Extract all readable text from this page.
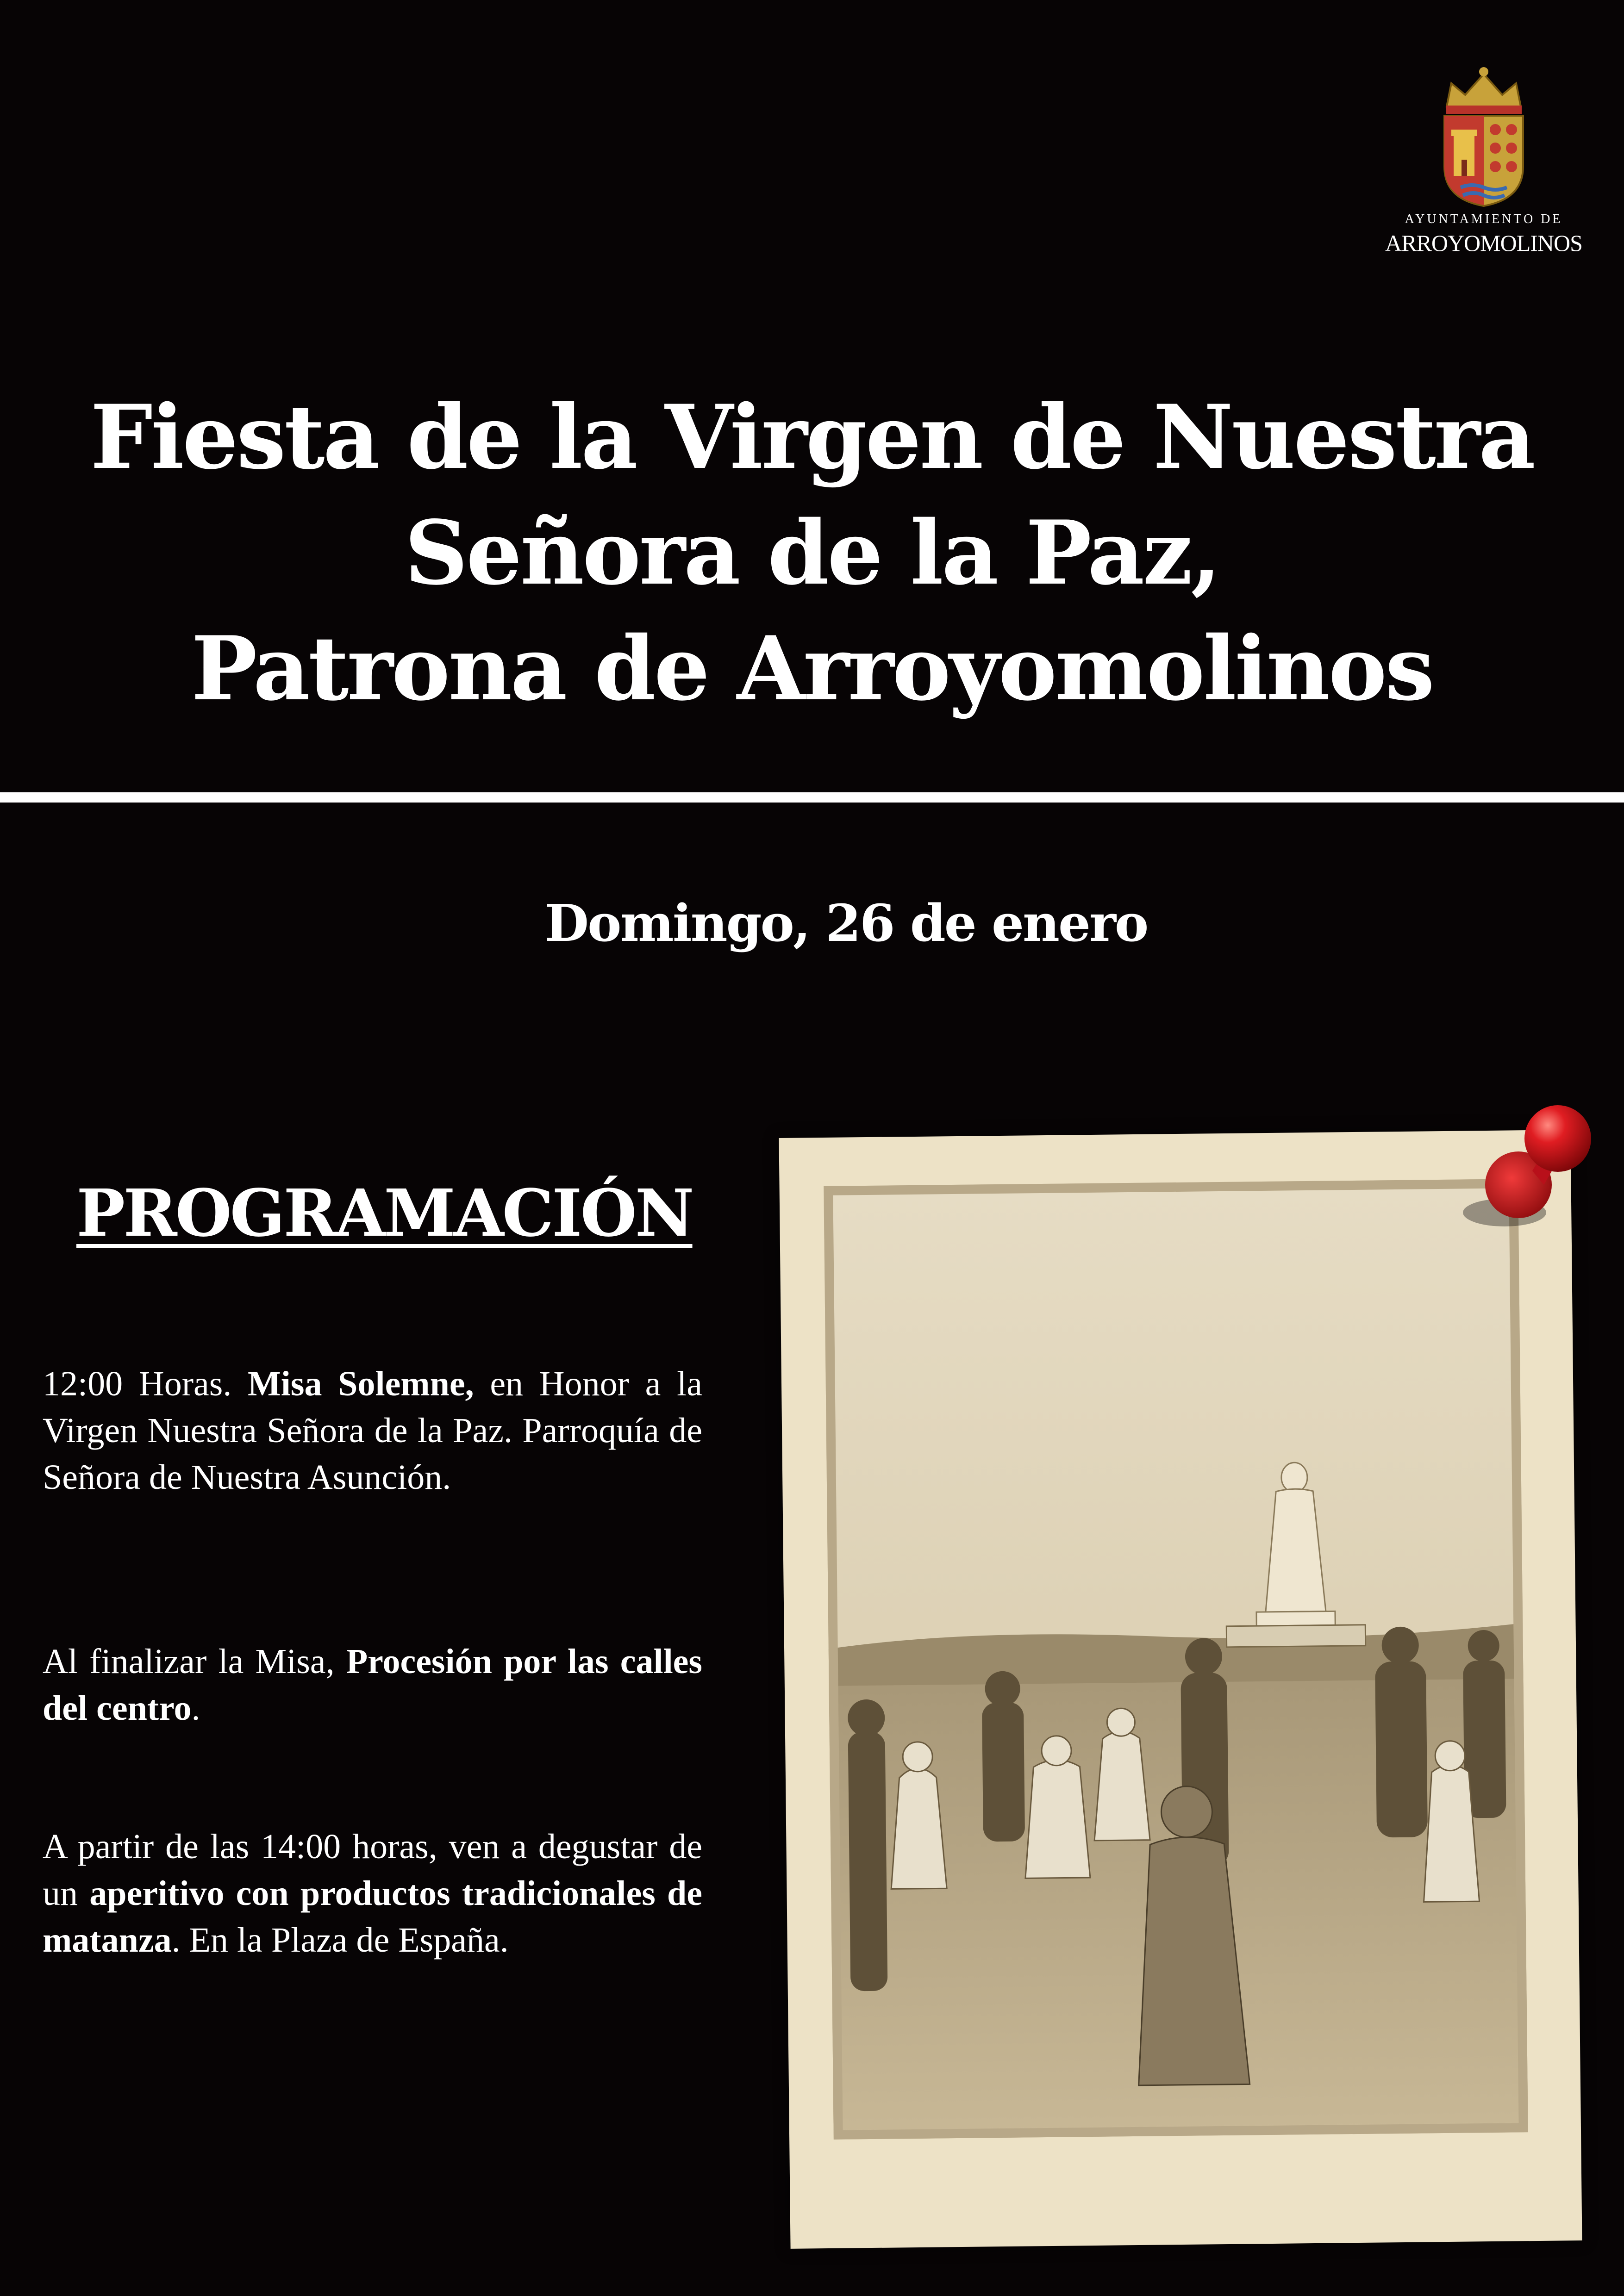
AYUNTAMIENTO DE
ARROYOMOLINOS
Fiesta de la Virgen de Nuestra
Señora de la Paz,
Patrona de Arroyomolinos
Domingo, 26 de enero
PROGRAMACIÓN
12:00 Horas. Misa Solemne, en Honor a la Virgen Nuestra Señora de la Paz. Parroquía de Señora de Nuestra Asunción.
Al finalizar la Misa, Procesión por las calles del centro.
A partir de las 14:00 horas, ven a degustar de un aperitivo con productos tradicionales de matanza. En la Plaza de España.
